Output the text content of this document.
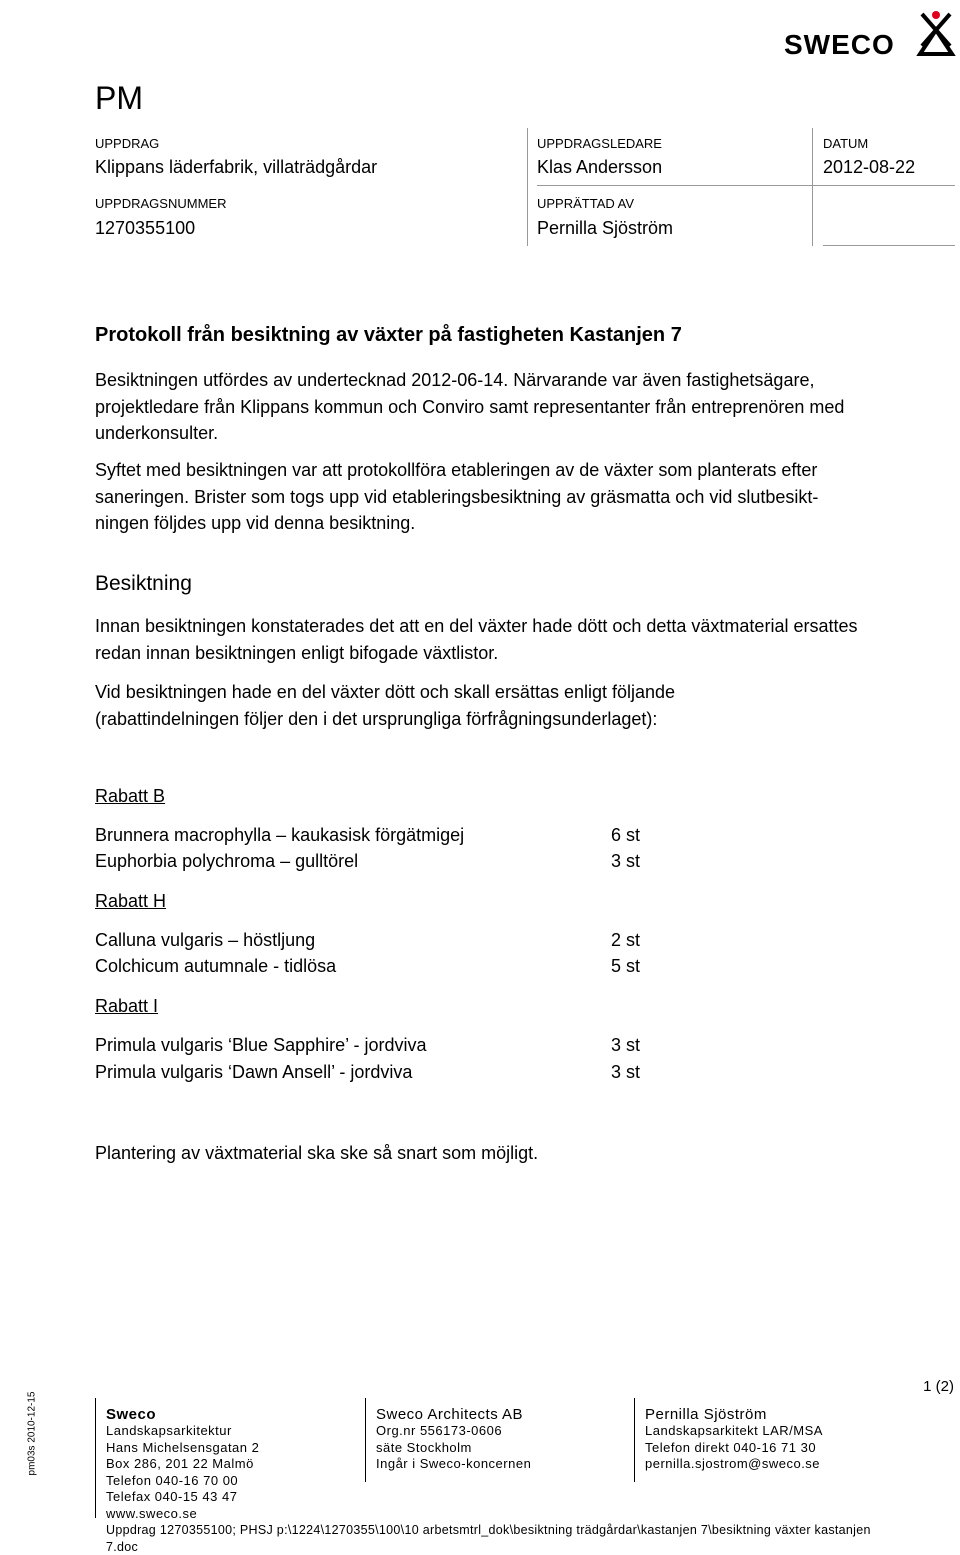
SWECO
PM
UPPDRAG
Klippans läderfabrik, villaträdgårdar
UPPDRAGSLEDARE
Klas Andersson
DATUM
2012-08-22
UPPDRAGSNUMMER
1270355100
UPPRÄTTAD AV
Pernilla Sjöström
Protokoll från besiktning av växter på fastigheten Kastanjen 7
Besiktningen utfördes av undertecknad 2012-06-14. Närvarande var även fastighetsägare,
projektledare från Klippans kommun och Conviro samt representanter från entreprenören med
underkonsulter.
Syftet med besiktningen var att protokollföra etableringen av de växter som planterats efter
saneringen. Brister som togs upp vid etableringsbesiktning av gräsmatta och vid slutbesikt-
ningen följdes upp vid denna besiktning.
Besiktning
Innan besiktningen konstaterades det att en del växter hade dött och detta växtmaterial ersattes
redan innan besiktningen enligt bifogade växtlistor.
Vid besiktningen hade en del växter dött och skall ersättas enligt följande
(rabattindelningen följer den i det ursprungliga förfrågningsunderlaget):
Rabatt B
Brunnera macrophylla – kaukasisk förgätmigej	6 st
Euphorbia polychroma – gulltörel	3 st
Rabatt H
Calluna vulgaris – höstljung	2 st
Colchicum autumnale - tidlösa	5 st
Rabatt I
Primula vulgaris ‘Blue Sapphire’ - jordviva	3 st
Primula vulgaris ‘Dawn Ansell’ - jordviva	3 st
Plantering av växtmaterial ska ske så snart som möjligt.
1 (2)
pm03s 2010-12-15	Sweco
Landskapsarkitektur
Hans Michelsensgatan 2
Box 286, 201 22 Malmö
Telefon 040-16 70 00
Telefax 040-15 43 47
www.sweco.se
Sweco Architects AB
Org.nr 556173-0606
säte Stockholm
Ingår i Sweco-koncernen
Pernilla Sjöström
Landskapsarkitekt LAR/MSA
Telefon direkt 040-16 71 30
pernilla.sjostrom@sweco.se
Uppdrag 1270355100; PHSJ p:\1224\1270355\100\10 arbetsmtrl_dok\besiktning trädgårdar\kastanjen 7\besiktning växter kastanjen
7.doc
